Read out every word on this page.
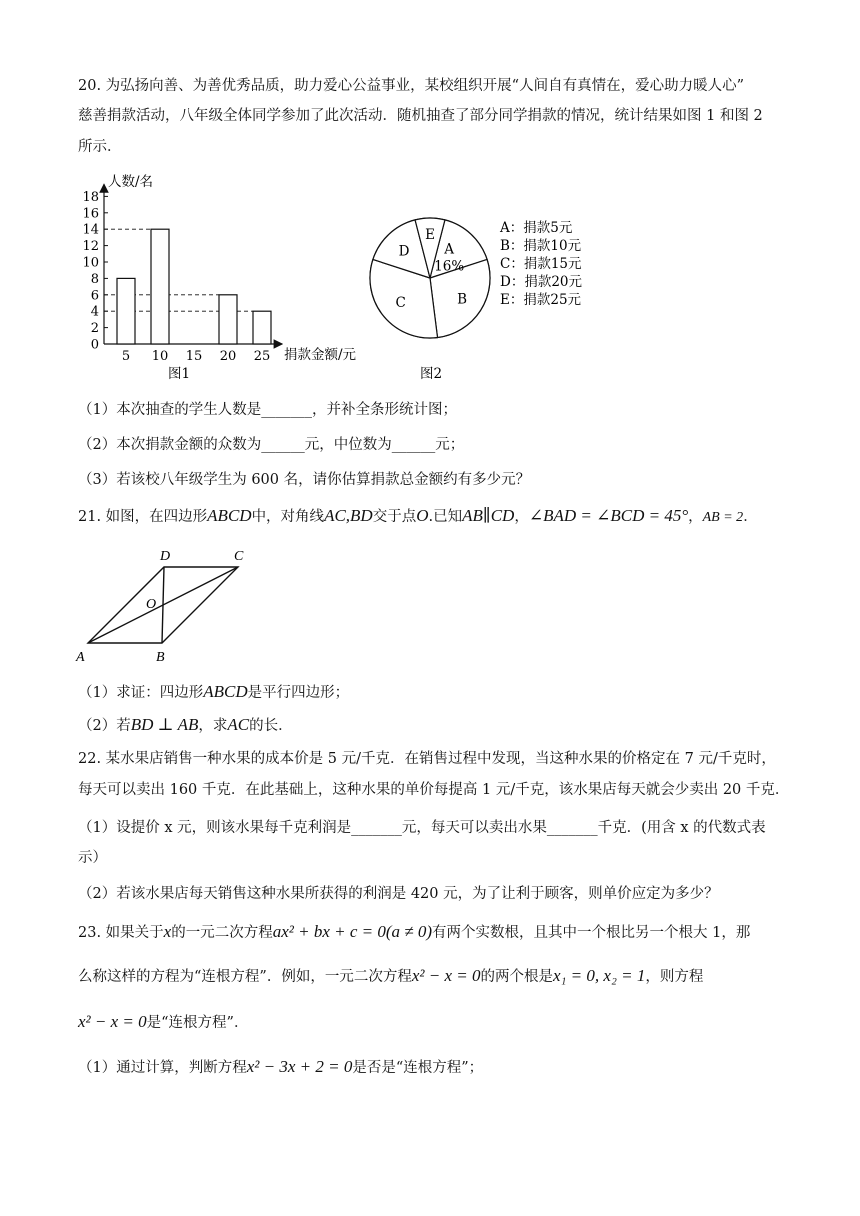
20. 为弘扬向善、为善优秀品质，助力爱心公益事业，某校组织开展“人间自有真情在，爱心助力暖人心”
慈善捐款活动，八年级全体同学参加了此次活动．随机抽查了部分同学捐款的情况，统计结果如图 1 和图 2
所示．
0
2
4
6
8
10
12
14
16
18
5 10 15 20 25
人数/名
捐款金额/元
图1
A
16%
B
C
D
E	A：捐款5元
B：捐款10元
C：捐款15元
D：捐款20元
E：捐款25元
图2
（1）本次抽查的学生人数是_______，并补全条形统计图；
（2）本次捐款金额的众数为______元，中位数为______元；
（3）若该校八年级学生为 600 名，请你估算捐款总金额约有多少元？
21. 如图，在四边形ABCD中，对角线AC,BD交于点O.已知AB∥CD，∠BAD = ∠BCD = 45°，AB = 2．
A	B
C
D
O
（1）求证：四边形ABCD是平行四边形；
（2）若BD ⊥ AB，求AC的长．
22. 某水果店销售一种水果的成本价是 5 元/千克．在销售过程中发现，当这种水果的价格定在 7 元/千克时，
每天可以卖出 160 千克．在此基础上，这种水果的单价每提高 1 元/千克，该水果店每天就会少卖出 20 千克．
（1）设提价 x 元，则该水果每千克利润是_______元，每天可以卖出水果_______千克．(用含 x 的代数式表
示）
（2）若该水果店每天销售这种水果所获得的利润是 420 元，为了让利于顾客，则单价应定为多少？
23. 如果关于x的一元二次方程ax² + bx + c = 0(a ≠ 0)有两个实数根，且其中一个根比另一个根大 1，那
么称这样的方程为“连根方程”．例如，一元二次方程x² − x = 0的两个根是x₁ = 0, x₂ = 1，则方程
x² − x = 0是“连根方程”．
（1）通过计算，判断方程x² − 3x + 2 = 0是否是“连根方程”；
